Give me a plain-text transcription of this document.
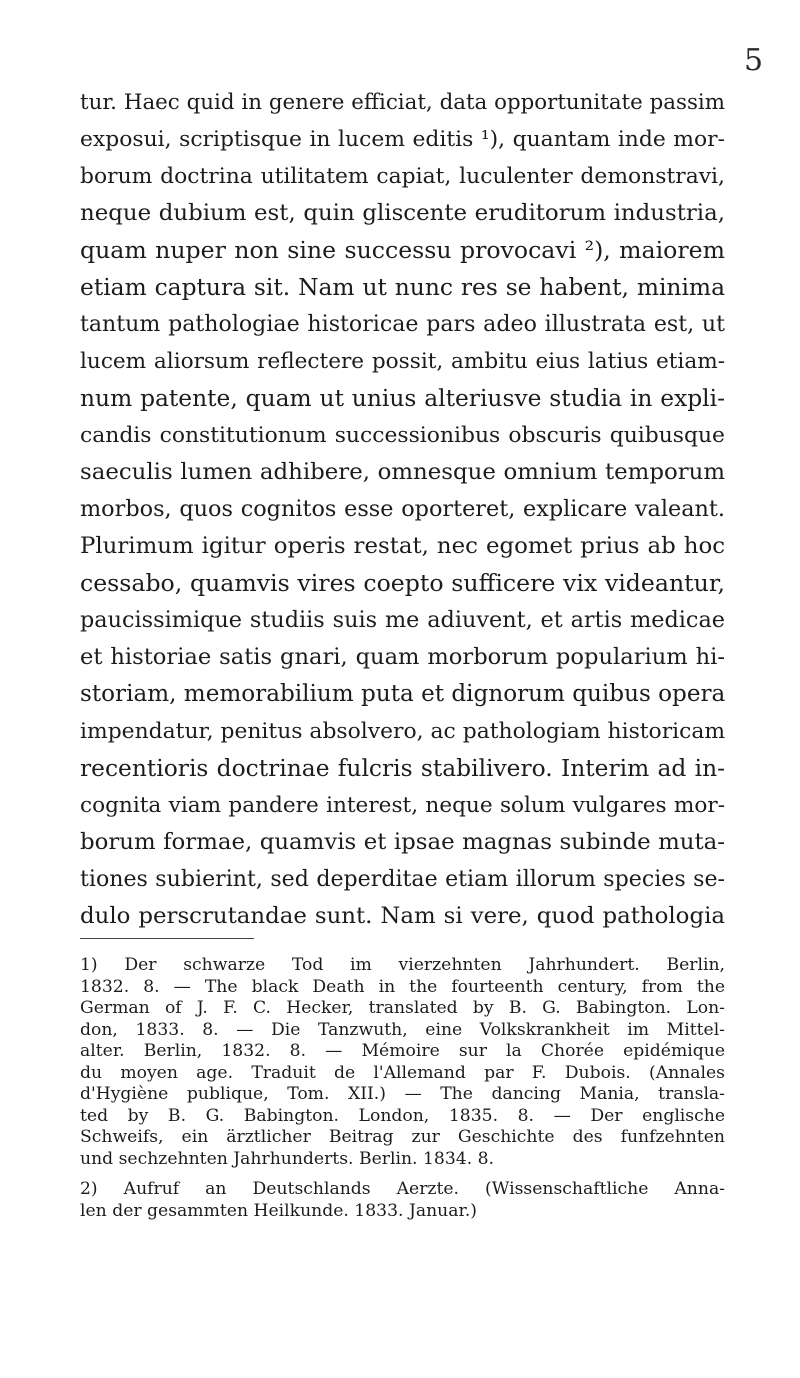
5
tur. Haec quid in genere efficiat, data opportunitate passim
exposui, scriptisque in lucem editis ¹), quantam inde mor-
borum doctrina utilitatem capiat, luculenter demonstravi,
neque dubium est, quin gliscente eruditorum industria,
quam nuper non sine successu provocavi ²), maiorem
etiam captura sit. Nam ut nunc res se habent, minima
tantum pathologiae historicae pars adeo illustrata est, ut
lucem aliorsum reflectere possit, ambitu eius latius etiam-
num patente, quam ut unius alteriusve studia in expli-
candis constitutionum successionibus obscuris quibusque
saeculis lumen adhibere, omnesque omnium temporum
morbos, quos cognitos esse oporteret, explicare valeant.
Plurimum igitur operis restat, nec egomet prius ab hoc
cessabo, quamvis vires coepto sufficere vix videantur,
paucissimique studiis suis me adiuvent, et artis medicae
et historiae satis gnari, quam morborum popularium hi-
storiam, memorabilium puta et dignorum quibus opera
impendatur, penitus absolvero, ac pathologiam historicam
recentioris doctrinae fulcris stabilivero. Interim ad in-
cognita viam pandere interest, neque solum vulgares mor-
borum formae, quamvis et ipsae magnas subinde muta-
tiones subierint, sed deperditae etiam illorum species se-
dulo perscrutandae sunt. Nam si vere, quod pathologia
1) Der schwarze Tod im vierzehnten Jahrhundert. Berlin,
1832. 8. — The black Death in the fourteenth century, from the
German of J. F. C. Hecker, translated by B. G. Babington. Lon-
don, 1833. 8. — Die Tanzwuth, eine Volkskrankheit im Mittel-
alter. Berlin, 1832. 8. — Mémoire sur la Chorée epidémique
du moyen age. Traduit de l'Allemand par F. Dubois. (Annales
d'Hygiène publique, Tom. XII.) — The dancing Mania, transla-
ted by B. G. Babington. London, 1835. 8. — Der englische
Schweifs, ein ärztlicher Beitrag zur Geschichte des funfzehnten
und sechzehnten Jahrhunderts. Berlin. 1834. 8.
2) Aufruf an Deutschlands Aerzte. (Wissenschaftliche Anna-
len der gesammten Heilkunde. 1833. Januar.)
